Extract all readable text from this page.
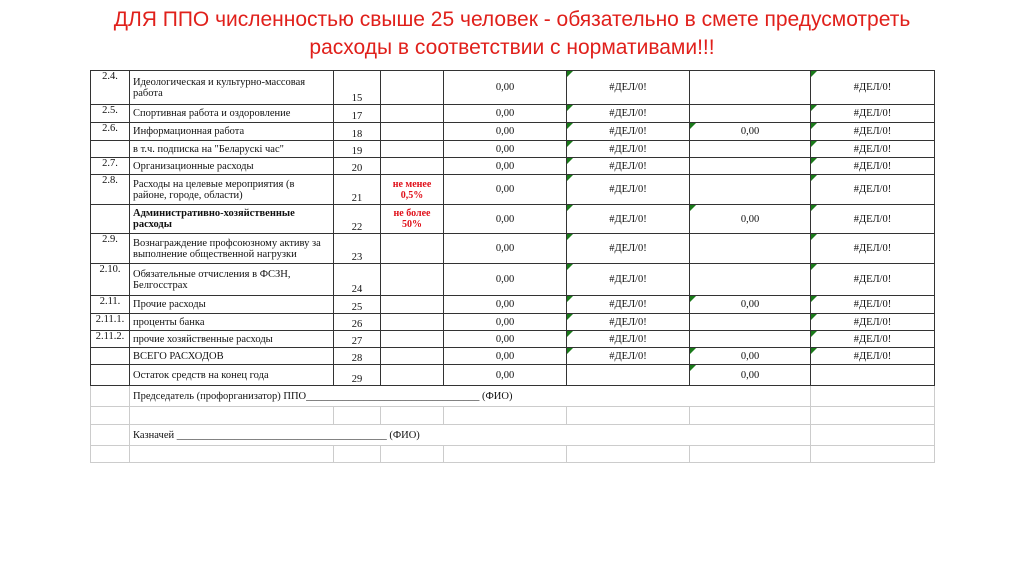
ДЛЯ ППО численностью свыше 25 человек - обязательно в смете предусмотреть
расходы в соответствии с нормативами!!!
2.4.	Идеологическая и культурно-массовая работа	15		0,00	#ДЕЛ/0!		#ДЕЛ/0!
2.5.	Спортивная работа и оздоровление	17		0,00	#ДЕЛ/0!		#ДЕЛ/0!
2.6.	Информационная работа	18		0,00	#ДЕЛ/0!	0,00	#ДЕЛ/0!
	в т.ч. подписка на "Беларускі час"	19		0,00	#ДЕЛ/0!		#ДЕЛ/0!
2.7.	Организационные расходы	20		0,00	#ДЕЛ/0!		#ДЕЛ/0!
2.8.	Расходы на целевые мероприятия (в районе, городе, области)	21	не менее 0,5%	0,00	#ДЕЛ/0!		#ДЕЛ/0!
	Административно-хозяйственные расходы	22	не более 50%	0,00	#ДЕЛ/0!	0,00	#ДЕЛ/0!
2.9.	Вознаграждение профсоюзному активу за выполнение общественной нагрузки	23		0,00	#ДЕЛ/0!		#ДЕЛ/0!
2.10.	Обязательные отчисления в ФСЗН, Белгосстрах	24		0,00	#ДЕЛ/0!		#ДЕЛ/0!
2.11.	Прочие расходы	25		0,00	#ДЕЛ/0!	0,00	#ДЕЛ/0!
2.11.1.	проценты банка	26		0,00	#ДЕЛ/0!		#ДЕЛ/0!
2.11.2.	прочие хозяйственные расходы	27		0,00	#ДЕЛ/0!		#ДЕЛ/0!
	ВСЕГО РАСХОДОВ	28		0,00	#ДЕЛ/0!	0,00	#ДЕЛ/0!
	Остаток средств на конец года	29		0,00		0,00	
	Председатель (профорганизатор) ППО_________________________________ (ФИО)						

	Казначей ________________________________________ (ФИО)						
